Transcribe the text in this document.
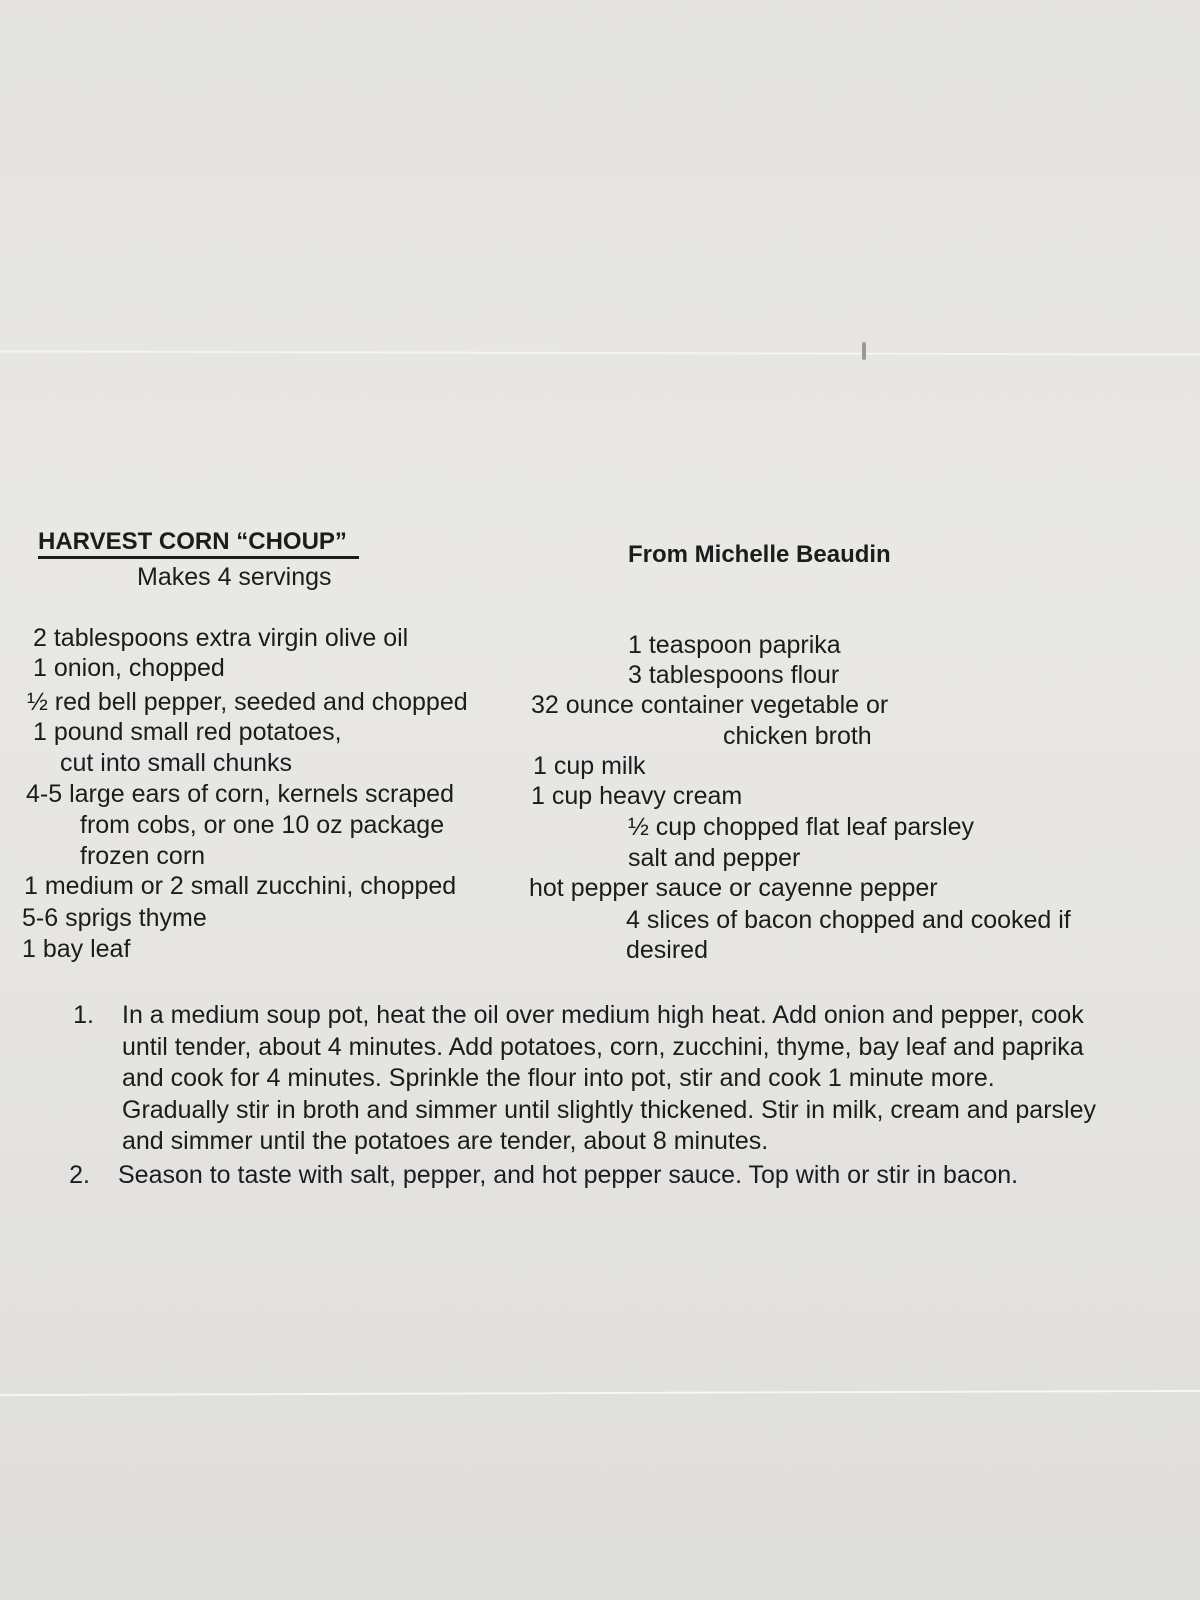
HARVEST CORN “CHOUP”
Makes 4 servings
From Michelle Beaudin
2 tablespoons extra virgin olive oil
1 onion, chopped
½ red bell pepper, seeded and chopped
1 pound small red potatoes,
cut into small chunks
4-5 large ears of corn, kernels scraped
from cobs, or one 10 oz package
frozen corn
1 medium or 2 small zucchini, chopped
5-6 sprigs thyme
1 bay leaf
1 teaspoon paprika
3 tablespoons flour
32 ounce container vegetable or
chicken broth
1 cup milk
1 cup heavy cream
½ cup chopped flat leaf parsley
salt and pepper
hot pepper sauce or cayenne pepper
4 slices of bacon chopped and cooked if
desired
1. In a medium soup pot, heat the oil over medium high heat. Add onion and pepper, cook
until tender, about 4 minutes. Add potatoes, corn, zucchini, thyme, bay leaf and paprika
and cook for 4 minutes. Sprinkle the flour into pot, stir and cook 1 minute more.
Gradually stir in broth and simmer until slightly thickened. Stir in milk, cream and parsley
and simmer until the potatoes are tender, about 8 minutes.
2. Season to taste with salt, pepper, and hot pepper sauce. Top with or stir in bacon.
